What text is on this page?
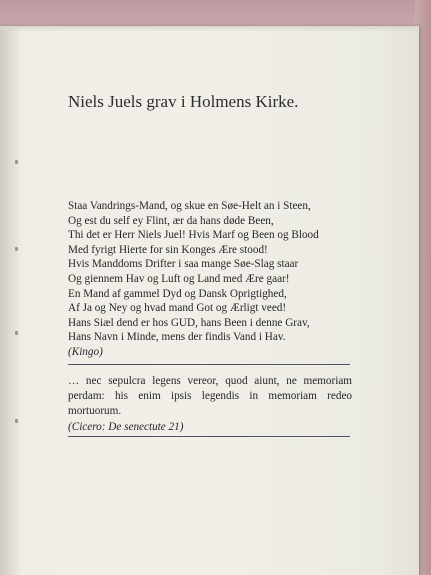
Niels Juels grav i Holmens Kirke.
Staa Vandrings-Mand, og skue en Søe-Helt an i Steen,
Og est du self ey Flint, ær da hans døde Been,
Thi det er Herr Niels Juel! Hvis Marf og Been og Blood
Med fyrigt Hierte for sin Konges Ære stood!
Hvis Manddoms Drifter i saa mange Søe-Slag staar
Og giennem Hav og Luft og Land med Ære gaar!
En Mand af gammel Dyd og Dansk Oprigtighed,
Af Ja og Ney og hvad mand Got og Ærligt veed!
Hans Siæl dend er hos GUD, hans Been i denne Grav,
Hans Navn i Minde, mens der findis Vand i Hav.
(Kingo)
… nec sepulcra legens vereor, quod aiunt, ne memoriam perdam: his enim ipsis legendis in memoriam redeo mortuorum.
(Cicero: De senectute 21)
